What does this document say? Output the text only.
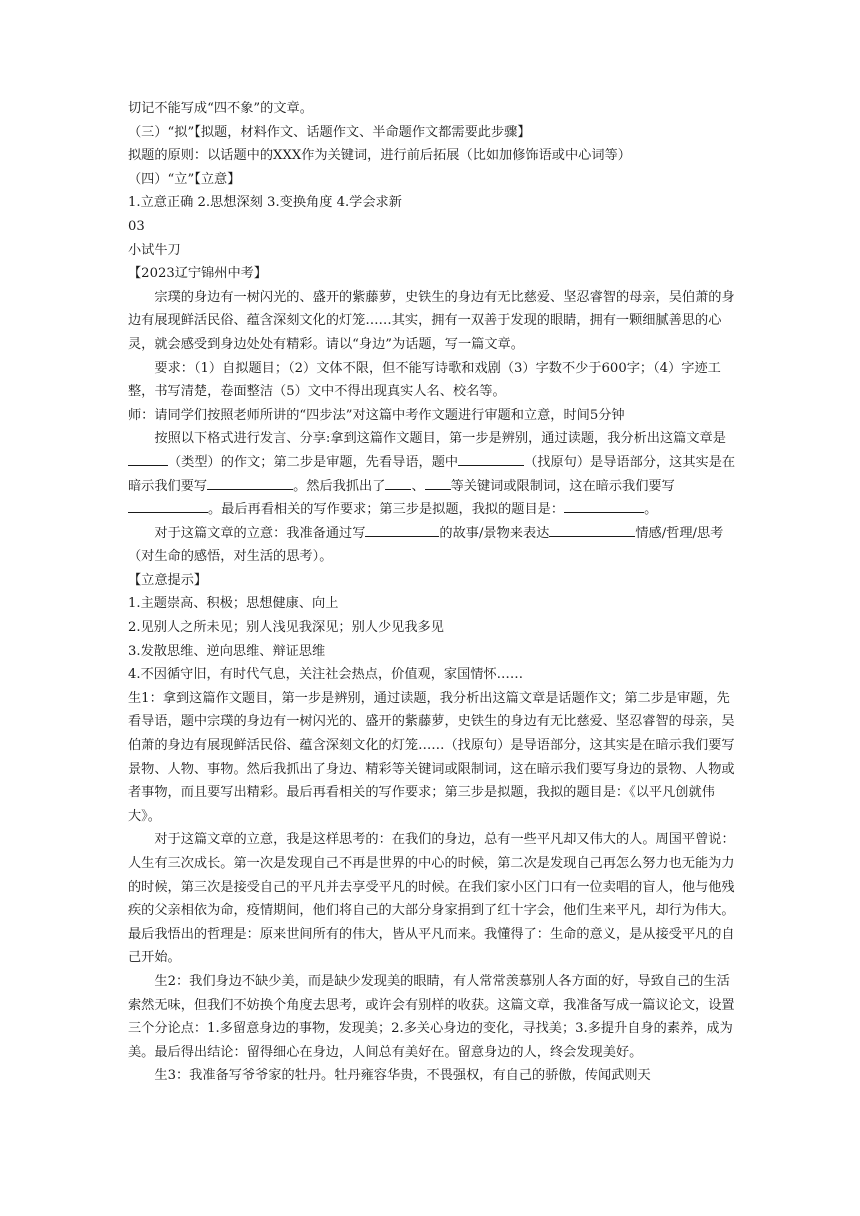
切记不能写成“四不象”的文章。

（三）“拟”【拟题，材料作文、话题作文、半命题作文都需要此步骤】

拟题的原则：以话题中的XXX作为关键词，进行前后拓展（比如加修饰语或中心词等）

（四）“立”【立意】

1.立意正确 2.思想深刻 3.变换角度 4.学会求新

03

小试牛刀

【2023辽宁锦州中考】

宗璞的身边有一树闪光的、盛开的紫藤萝，史铁生的身边有无比慈爱、坚忍睿智的母亲，吴伯萧的身边有展现鲜活民俗、蕴含深刻文化的灯笼……其实，拥有一双善于发现的眼睛，拥有一颗细腻善思的心灵，就会感受到身边处处有精彩。请以“身边”为话题，写一篇文章。

要求：（1）自拟题目；（2）文体不限，但不能写诗歌和戏剧（3）字数不少于600字；（4）字迹工整，书写清楚，卷面整洁（5）文中不得出现真实人名、校名等。

师：请同学们按照老师所讲的“四步法”对这篇中考作文题进行审题和立意，时间5分钟

按照以下格式进行发言、分享:拿到这篇作文题目，第一步是辨别，通过读题，我分析出这篇文章是（类型）的作文；第二步是审题，先看导语，题中	（找原句）是导语部分，这其实是在暗示我们要写	。然后我抓出了 、 等关键词或限制词，这在暗示我们要写。最后再看相关的写作要求；第三步是拟题，我拟的题目是：	。

对于这篇文章的立意：我准备通过写	的故事/景物来表达	情感/哲理/思考（对生命的感悟，对生活的思考）。

【立意提示】

1.主题崇高、积极；思想健康、向上

2.见别人之所未见；别人浅见我深见；别人少见我多见

3.发散思维、逆向思维、辩证思维

4.不因循守旧，有时代气息，关注社会热点，价值观，家国情怀……

生1：拿到这篇作文题目，第一步是辨别，通过读题，我分析出这篇文章是话题作文；第二步是审题，先看导语，题中宗璞的身边有一树闪光的、盛开的紫藤萝，史铁生的身边有无比慈爱、坚忍睿智的母亲，吴伯萧的身边有展现鲜活民俗、蕴含深刻文化的灯笼……（找原句）是导语部分，这其实是在暗示我们要写景物、人物、事物。然后我抓出了身边、精彩等关键词或限制词，这在暗示我们要写身边的景物、人物或者事物，而且要写出精彩。最后再看相关的写作要求；第三步是拟题，我拟的题目是：《以平凡创就伟大》。

对于这篇文章的立意，我是这样思考的：在我们的身边，总有一些平凡却又伟大的人。周国平曾说：人生有三次成长。第一次是发现自己不再是世界的中心的时候，第二次是发现自己再怎么努力也无能为力的时候，第三次是接受自己的平凡并去享受平凡的时候。在我们家小区门口有一位卖唱的盲人，他与他残疾的父亲相依为命，疫情期间，他们将自己的大部分身家捐到了红十字会，他们生来平凡，却行为伟大。最后我悟出的哲理是：原来世间所有的伟大，皆从平凡而来。我懂得了：生命的意义，是从接受平凡的自己开始。

生2：我们身边不缺少美，而是缺少发现美的眼睛，有人常常羡慕别人各方面的好，导致自己的生活索然无味，但我们不妨换个角度去思考，或许会有别样的收获。这篇文章，我准备写成一篇议论文，设置三个分论点：1.多留意身边的事物，发现美；2.多关心身边的变化，寻找美；3.多提升自身的素养，成为美。最后得出结论：留得细心在身边，人间总有美好在。留意身边的人，终会发现美好。

生3：我准备写爷爷家的牡丹。牡丹雍容华贵，不畏强权，有自己的骄傲，传闻武则天
